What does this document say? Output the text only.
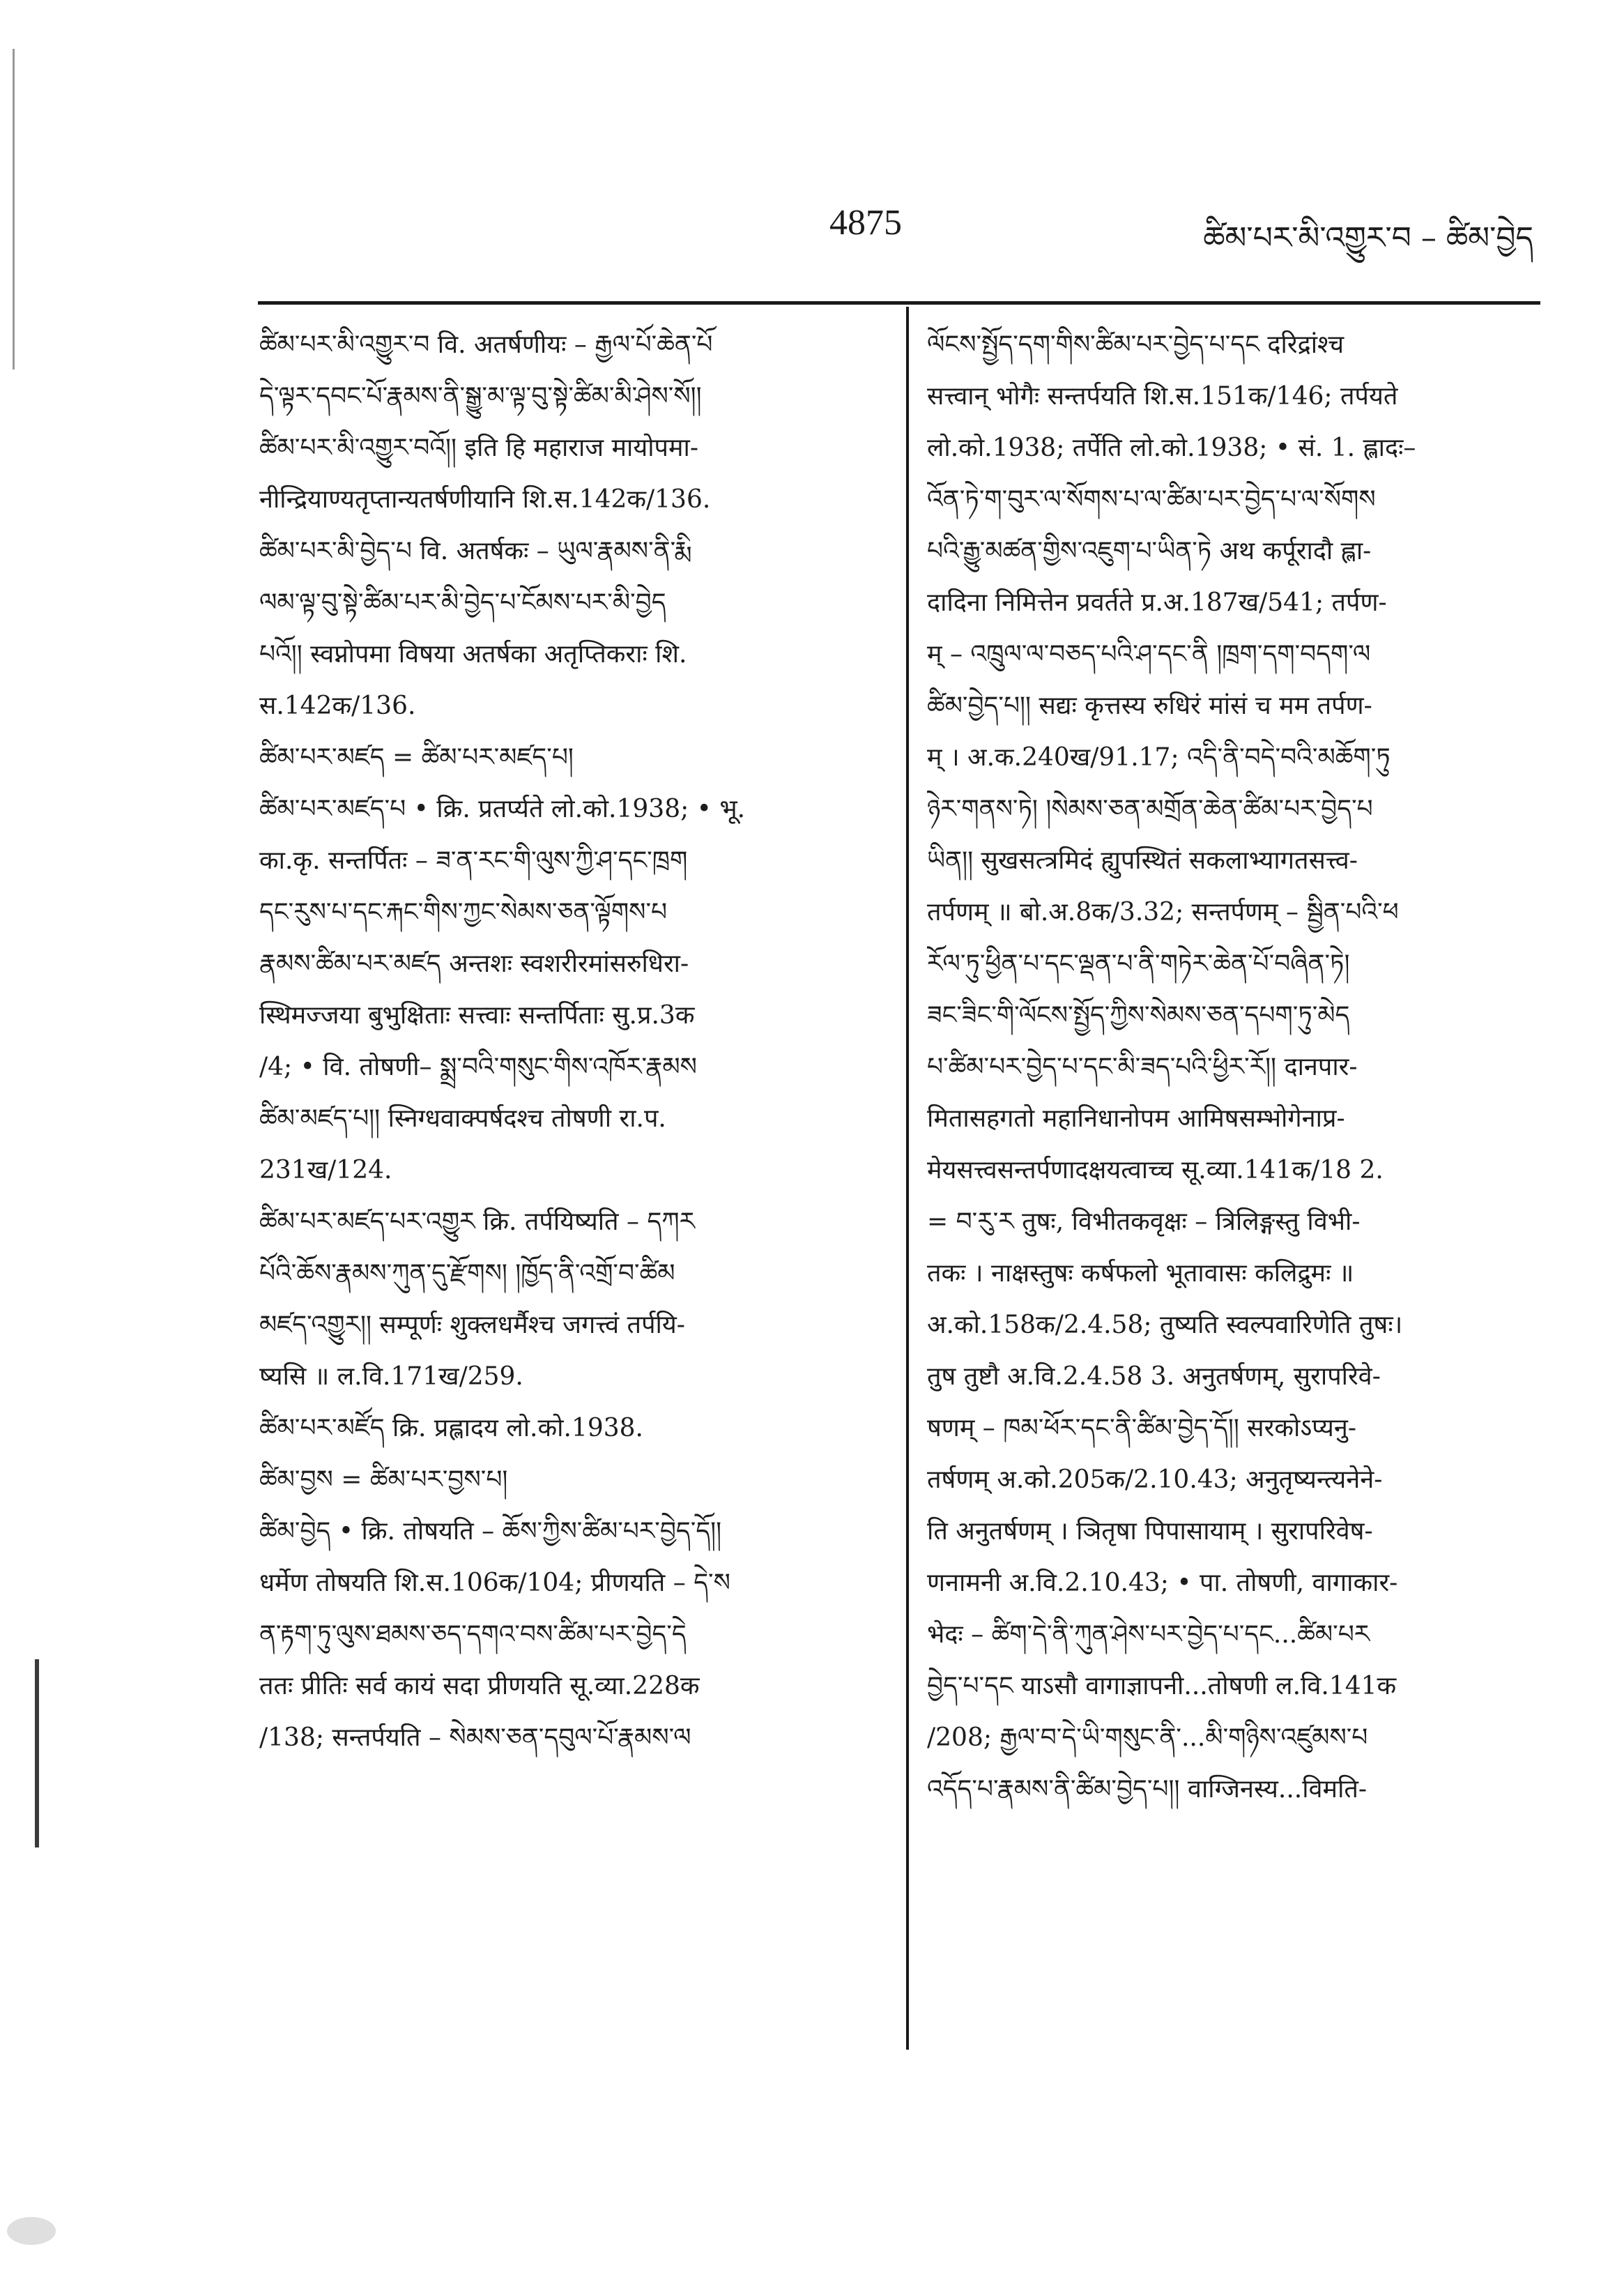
4875	ཚིམ་པར་མི་འགྱུར་བ – ཚིམ་བྱེད
ཚིམ་པར་མི་འགྱུར་བ वि. अतर्षणीयः – རྒྱལ་པོ་ཆེན་པོ
དེ་ལྟར་དབང་པོ་རྣམས་ནི་སྒྱུ་མ་ལྟ་བུ་སྟེ་ཚིམ་མི་ཤེས་སོ།།
ཚིམ་པར་མི་འགྱུར་བའོ།། इति हि महाराज मायोपमा-
नीन्द्रियाण्यतृप्तान्यतर्षणीयानि शि.स.142क/136.
ཚིམ་པར་མི་བྱེད་པ वि. अतर्षकः – ཡུལ་རྣམས་ནི་རྨི
ལམ་ལྟ་བུ་སྟེ་ཚིམ་པར་མི་བྱེད་པ་ངོམས་པར་མི་བྱེད
པའོ།། स्वप्नोपमा विषया अतर्षका अतृप्तिकराः शि.
स.142क/136.
ཚིམ་པར་མཛད = ཚིམ་པར་མཛད་པ།
ཚིམ་པར་མཛད་པ • क्रि. प्रतर्प्यते लो.को.1938; • भू.
का.कृ. सन्तर्पितः – ཟ་ན་རང་གི་ལུས་ཀྱི་ཤ་དང་ཁྲག
དང་རུས་པ་དང་རྐང་གིས་ཀྱང་སེམས་ཅན་ལྟོགས་པ
རྣམས་ཚིམ་པར་མཛད अन्तशः स्वशरीरमांसरुधिरा-
स्थिमज्जया बुभुक्षिताः सत्त्वाः सन्तर्पिताः सु.प्र.3क
/4; • वि. तोषणी– སྨྲ་བའི་གསུང་གིས་འཁོར་རྣམས
ཚིམ་མཛད་པ།། स्निग्धवाक्पर्षदश्च तोषणी रा.प.
231ख/124.
ཚིམ་པར་མཛད་པར་འགྱུར क्रि. तर्पयिष्यति – དཀར
པོའི་ཆོས་རྣམས་ཀུན་དུ་རྫོགས། །ཁྱོད་ནི་འགྲོ་བ་ཚིམ
མཛད་འགྱུར།། सम्पूर्णः शुक्लधर्मैश्च जगत्त्वं तर्पयि-
ष्यसि ॥ ल.वि.171ख/259.
ཚིམ་པར་མཛོད क्रि. प्रह्लादय लो.को.1938.
ཚིམ་བྱས = ཚིམ་པར་བྱས་པ།
ཚིམ་བྱེད • क्रि. तोषयति – ཆོས་ཀྱིས་ཚིམ་པར་བྱེད་དོ།།
धर्मेण तोषयति शि.स.106क/104; प्रीणयति – དེ་ས
ན་རྟག་ཏུ་ལུས་ཐམས་ཅད་དགའ་བས་ཚིམ་པར་བྱེད་དེ
ततः प्रीतिः सर्व कायं सदा प्रीणयति सू.व्या.228क
/138; सन्तर्पयति – སེམས་ཅན་དབུལ་པོ་རྣམས་ལ
ལོངས་སྤྱོད་དག་གིས་ཚིམ་པར་བྱེད་པ་དང दरिद्रांश्च
सत्त्वान् भोगैः सन्तर्पयति शि.स.151क/146; तर्पयते
लो.को.1938; तर्पेति लो.को.1938; • सं. 1. ह्लादः–
འོན་ཏེ་ག་བུར་ལ་སོགས་པ་ལ་ཚིམ་པར་བྱེད་པ་ལ་སོགས
པའི་རྒྱུ་མཚན་གྱིས་འཇུག་པ་ཡིན་ཏེ अथ कर्पूरादौ ह्ला-
दादिना निमित्तेन प्रवर्तते प्र.अ.187ख/541; तर्पण-
म् – འཁྲུལ་ལ་བཅད་པའི་ཤ་དང་ནི །ཁྲག་དག་བདག་ལ
ཚིམ་བྱེད་པ།། सद्यः कृत्तस्य रुधिरं मांसं च मम तर्पण-
म् । अ.क.240ख/91.17; འདི་ནི་བདེ་བའི་མཆོག་ཏུ
ཉེར་གནས་ཏེ། །སེམས་ཅན་མགྲོན་ཆེན་ཚིམ་པར་བྱེད་པ
ཡིན།། सुखसत्त्रमिदं ह्युपस्थितं सकलाभ्यागतसत्त्व-
तर्पणम् ॥ बो.अ.8क/3.32; सन्तर्पणम् – སྦྱིན་པའི་ཕ
རོལ་ཏུ་ཕྱིན་པ་དང་ལྡན་པ་ནི་གཏེར་ཆེན་པོ་བཞིན་ཏེ།
ཟང་ཟིང་གི་ལོངས་སྤྱོད་ཀྱིས་སེམས་ཅན་དཔག་ཏུ་མེད
པ་ཚིམ་པར་བྱེད་པ་དང་མི་ཟད་པའི་ཕྱིར་རོ།། दानपार-
मितासहगतो महानिधानोपम आमिषसम्भोगेनाप्र-
मेयसत्त्वसन्तर्पणादक्षयत्वाच्च सू.व्या.141क/18 2.
= བ་རུ་ར तुषः, विभीतकवृक्षः – त्रिलिङ्गस्तु विभी-
तकः । नाक्षस्तुषः कर्षफलो भूतावासः कलिद्रुमः ॥
अ.को.158क/2.4.58; तुष्यति स्वल्पवारिणेति तुषः।
तुष तुष्टौ अ.वि.2.4.58 3. अनुतर्षणम्, सुरापरिवे-
षणम् – ཁམ་ཕོར་དང་ནི་ཚིམ་བྱེད་དོ།། सरकोऽप्यनु-
तर्षणम् अ.को.205क/2.10.43; अनुतृष्यन्त्यनेने-
ति अनुतर्षणम् । ञितृषा पिपासायाम् । सुरापरिवेष-
णनामनी अ.वि.2.10.43; • पा. तोषणी, वागाकार-
भेदः – ཚིག་དེ་ནི་ཀུན་ཤེས་པར་བྱེད་པ་དང...ཚིམ་པར
བྱེད་པ་དང याऽसौ वागाज्ञापनी...तोषणी ल.वि.141क
/208; རྒྱལ་བ་དེ་ཡི་གསུང་ནི་...མི་གཉིས་འཛུམས་པ
འདོད་པ་རྣམས་ནི་ཚིམ་བྱེད་པ།། वाग्जिनस्य...विमति-
